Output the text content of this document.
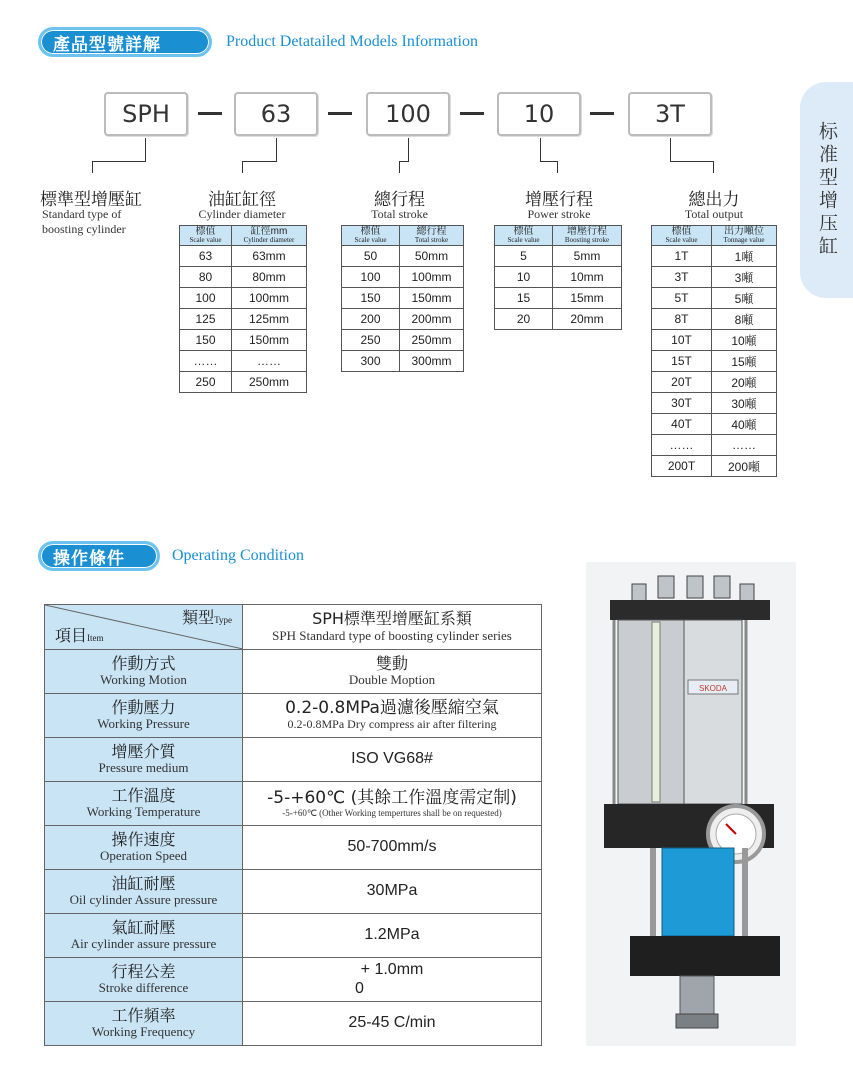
產品型號詳解	Product Detatailed Models Information
标准型增压缸
SPH	63	100	10	3T
標準型增壓缸
Standard type of
boosting cylinder
油缸缸徑
Cylinder diameter
總行程
Total stroke
增壓行程
Power stroke
總出力
Total output
標值
Scale value	缸徑mm
Cylinder diameter

63	63mm
80	80mm
100	100mm
125	125mm
150	150mm
……	……
250	250mm
標值
Scale value	總行程
Total stroke

50	50mm
100	100mm
150	150mm
200	200mm
250	250mm
300	300mm
標值
Scale value	增壓行程
Boosting stroke

5	5mm
10	10mm
15	15mm
20	20mm
標值
Scale value	出力噸位
Tonnage value

1T	1噸
3T	3噸
5T	5噸
8T	8噸
10T	10噸
15T	15噸
20T	20噸
30T	30噸
40T	40噸
……	……
200T	200噸
操作條件	Operating Condition
類型Type
項目Item	SPH標準型增壓缸系類
SPH Standard type of boosting cylinder series

作動方式
Working Motion	雙動
Double Moption

作動壓力
Working Pressure	0.2-0.8MPa過濾後壓縮空氣
0.2-0.8MPa Dry compress air after filtering

增壓介質
Pressure medium	ISO VG68#

工作溫度
Working Temperature	-5-+60℃ (其餘工作溫度需定制)
-5-+60℃ (Other Working tempertures shall be on requested)

操作速度
Operation Speed	50-700mm/s

油缸耐壓
Oil cylinder Assure pressure	30MPa

氣缸耐壓
Air cylinder assure pressure	1.2MPa

行程公差
Stroke difference	+ 1.0mm
0

工作頻率
Working Frequency	25-45 C/min
SKODA
